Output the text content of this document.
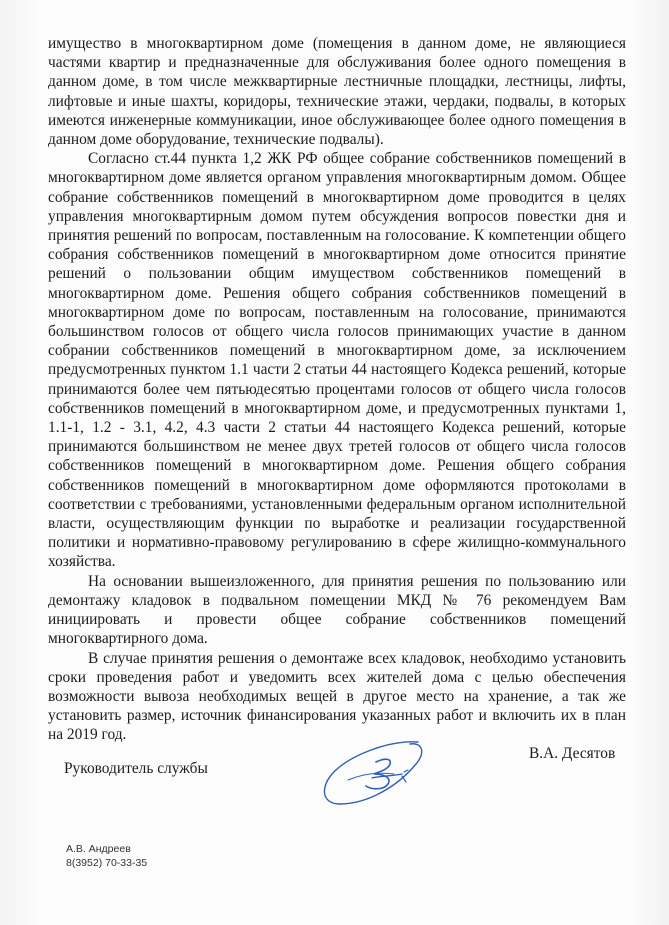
имущество в многоквартирном доме (помещения в данном доме, не являющиеся частями квартир и предназначенные для обслуживания более одного помещения в данном доме, в том числе межквартирные лестничные площадки, лестницы, лифты, лифтовые и иные шахты, коридоры, технические этажи, чердаки, подвалы, в которых имеются инженерные коммуникации, иное обслуживающее более одного помещения в данном доме оборудование, технические подвалы).

Согласно ст.44 пункта 1,2 ЖК РФ общее собрание собственников помещений в многоквартирном доме является органом управления многоквартирным домом. Общее собрание собственников помещений в многоквартирном доме проводится в целях управления многоквартирным домом путем обсуждения вопросов повестки дня и принятия решений по вопросам, поставленным на голосование. К компетенции общего собрания собственников помещений в многоквартирном доме относится принятие решений о пользовании общим имуществом собственников помещений в многоквартирном доме. Решения общего собрания собственников помещений в многоквартирном доме по вопросам, поставленным на голосование, принимаются большинством голосов от общего числа голосов принимающих участие в данном собрании собственников помещений в многоквартирном доме, за исключением предусмотренных пунктом 1.1 части 2 статьи 44 настоящего Кодекса решений, которые принимаются более чем пятьюдесятью процентами голосов от общего числа голосов собственников помещений в многоквартирном доме, и предусмотренных пунктами 1, 1.1-1, 1.2 - 3.1, 4.2, 4.3 части 2 статьи 44 настоящего Кодекса решений, которые принимаются большинством не менее двух третей голосов от общего числа голосов собственников помещений в многоквартирном доме. Решения общего собрания собственников помещений в многоквартирном доме оформляются протоколами в соответствии с требованиями, установленными федеральным органом исполнительной власти, осуществляющим функции по выработке и реализации государственной политики и нормативно-правовому регулированию в сфере жилищно-коммунального хозяйства.

На основании вышеизложенного, для принятия решения по пользованию или демонтажу кладовок в подвальном помещении МКД № 76 рекомендуем Вам инициировать и провести общее собрание собственников помещений многоквартирного дома.

В случае принятия решения о демонтаже всех кладовок, необходимо установить сроки проведения работ и уведомить всех жителей дома с целью обеспечения возможности вывоза необходимых вещей в другое место на хранение, а так же установить размер, источник финансирования указанных работ и включить их в план на 2019 год.

Руководитель службы
В.А. Десятов
А.В. Андреев
8(3952) 70-33-35
